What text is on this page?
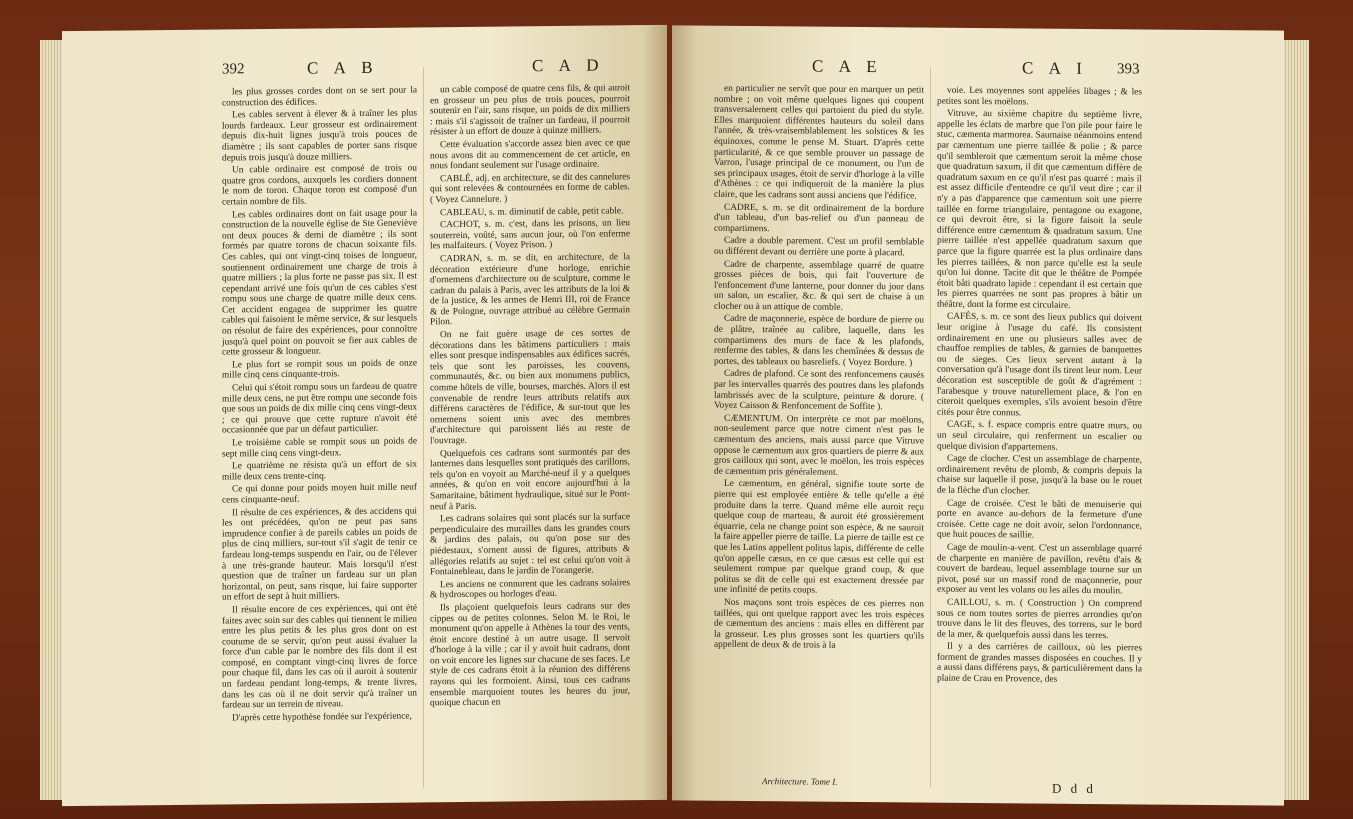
392	C A B	C A D

les plus grosses cordes dont on se sert pour la construction des édifices.

Les cables servent à élever & à traîner les plus lourds fardeaux. Leur grosseur est ordinairement depuis dix-huit lignes jusqu'à trois pouces de diamètre ; ils sont capables de porter sans risque depuis trois jusqu'à douze milliers.

Un cable ordinaire est composé de trois ou quatre gros cordons, auxquels les cordiers donnent le nom de toron. Chaque toron est composé d'un certain nombre de fils.

Les cables ordinaires dont on fait usage pour la construction de la nouvelle église de Ste Geneviève ont deux pouces & demi de diamètre ; ils sont formés par quatre torons de chacun soixante fils. Ces cables, qui ont vingt-cinq toises de longueur, soutiennent ordinairement une charge de trois à quatre milliers ; la plus forte ne passe pas six. Il est cependant arrivé une fois qu'un de ces cables s'est rompu sous une charge de quatre mille deux cens. Cet accident engagea de supprimer les quatre cables qui faisoient le même service, & sur lesquels on résolut de faire des expériences, pour connoître jusqu'à quel point on pouvoit se fier aux cables de cette grosseur & longueur.

Le plus fort se rompit sous un poids de onze mille cinq cens cinquante-trois.

Celui qui s'étoit rompu sous un fardeau de quatre mille deux cens, ne put être rompu une seconde fois que sous un poids de dix mille cinq cens vingt-deux ; ce qui prouve que cette rupture n'avoit été occasionnée que par un défaut particulier.

Le troisième cable se rompit sous un poids de sept mille cinq cens vingt-deux.

Le quatrième ne résista qu'à un effort de six mille deux cens trente-cinq.

Ce qui donne pour poids moyen huit mille neuf cens cinquante-neuf.

Il résulte de ces expériences, & des accidens qui les ont précédées, qu'on ne peut pas sans imprudence confier à de pareils cables un poids de plus de cinq milliers, sur-tout s'il s'agit de tenir ce fardeau long-temps suspendu en l'air, ou de l'élever à une très-grande hauteur. Mais lorsqu'il n'est question que de traîner un fardeau sur un plan horizontal, on peut, sans risque, lui faire supporter un effort de sept à huit milliers.

Il résulte encore de ces expériences, qui ont été faites avec soin sur des cables qui tiennent le milieu entre les plus petits & les plus gros dont on est coutume de se servir, qu'on peut aussi évaluer la force d'un cable par le nombre des fils dont il est composé, en comptant vingt-cinq livres de force pour chaque fil, dans les cas où il auroit à soutenir un fardeau pendant long-temps, & trente livres, dans les cas où il ne doit servir qu'à traîner un fardeau sur un terrein de niveau.

D'après cette hypothèse fondée sur l'expérience,

un cable composé de quatre cens fils, & qui auroit en grosseur un peu plus de trois pouces, pourroit soutenir en l'air, sans risque, un poids de dix milliers : mais s'il s'agissoit de traîner un fardeau, il pourroit résister à un effort de douze à quinze milliers.

Cette évaluation s'accorde assez bien avec ce que nous avons dit au commencement de cet article, en nous fondant seulement sur l'usage ordinaire.

CABLÉ, adj. en architecture, se dit des cannelures qui sont relevées & contournées en forme de cables. ( Voyez Cannelure. )

CABLEAU, s. m. diminutif de cable, petit cable.

CACHOT, s. m. c'est, dans les prisons, un lieu souterrein, voûté, sans aucun jour, où l'on enferme les malfaiteurs. ( Voyez Prison. )

CADRAN, s. m. se dit, en architecture, de la décoration extérieure d'une horloge, enrichie d'ornemens d'architecture ou de sculpture, comme le cadran du palais à Paris, avec les attributs de la loi & de la justice, & les armes de Henri III, roi de France & de Pologne, ouvrage attribué au célèbre Germain Pilon.

On ne fait guère usage de ces sortes de décorations dans les bâtimens particuliers : mais elles sont presque indispensables aux édifices sacrés, tels que sont les paroisses, les couvens, communautés, &c. ou bien aux monumens publics, comme hôtels de ville, bourses, marchés. Alors il est convenable de rendre leurs attributs relatifs aux différens caractères de l'édifice, & sur-tout que les ornemens soient unis avec des membres d'architecture qui paroissent liés au reste de l'ouvrage.

Quelquefois ces cadrans sont surmontés par des lanternes dans lesquelles sont pratiqués des carillons, tels qu'on en voyoit au Marché-neuf il y a quelques années, & qu'on en voit encore aujourd'hui à la Samaritaine, bâtiment hydraulique, situé sur le Pont-neuf à Paris.

Les cadrans solaires qui sont placés sur la surface perpendiculaire des murailles dans les grandes cours & jardins des palais, ou qu'on pose sur des piédestaux, s'ornent aussi de figures, attributs & allégories relatifs au sujet : tel est celui qu'on voit à Fontainebleau, dans le jardin de l'orangerie.

Les anciens ne connurent que les cadrans solaires & hydroscopes ou horloges d'eau.

Ils plaçoient quelquefois leurs cadrans sur des cippes ou de petites colonnes. Selon M. le Roi, le monument qu'on appelle à Athènes la tour des vents, étoit encore destiné à un autre usage. Il servoit d'horloge à la ville ; car il y avoit huit cadrans, dont on voit encore les lignes sur chacune de ses faces. Le style de ces cadrans étoit à la réunion des différens rayons qui les formoient. Ainsi, tous ces cadrans ensemble marquoient toutes les heures du jour, quoique chacun en

C A E	C A I 393

en particulier ne servît que pour en marquer un petit nombre ; on voit même quelques lignes qui coupent transversalement celles qui partoient du pied du style. Elles marquoient différentes hauteurs du soleil dans l'année, & très-vraisemblablement les solstices & les équinoxes, comme le pense M. Stuart. D'après cette particularité, & ce que semble prouver un passage de Varron, l'usage principal de ce monument, ou l'un de ses principaux usages, étoit de servir d'horloge à la ville d'Athènes : ce qui indiqueroit de la manière la plus claire, que les cadrans sont aussi anciens que l'édifice.

CADRE, s. m. se dit ordinairement de la bordure d'un tableau, d'un bas-relief ou d'un panneau de compartimens.

Cadre a double parement. C'est un profil semblable ou différent devant ou derrière une porte à placard.

Cadre de charpente, assemblage quarré de quatre grosses pièces de bois, qui fait l'ouverture de l'enfoncement d'une lanterne, pour donner du jour dans un salon, un escalier, &c. & qui sert de chaise à un clocher ou à un attique de comble.

Cadre de maçonnerie, espèce de bordure de pierre ou de plâtre, traînée au calibre, laquelle, dans les compartimens des murs de face & les plafonds, renferme des tables, & dans les chemînées & dessus de portes, des tableaux ou basreliefs. ( Voyez Bordure. )

Cadres de plafond. Ce sont des renfoncemens causés par les intervalles quarrés des poutres dans les plafonds lambrissés avec de la sculpture, peinture & dorure. ( Voyez Caisson & Renfoncement de Soffite ).

CÆMENTUM. On interprète ce mot par moëlons, non-seulement parce que notre ciment n'est pas le cæmentum des anciens, mais aussi parce que Vitruve oppose le cæmentum aux gros quartiers de pierre & aux gros cailloux qui sont, avec le moëlon, les trois espèces de cæmentum pris généralement.

Le cæmentum, en général, signifie toute sorte de pierre qui est employée entière & telle qu'elle a été produite dans la terre. Quand même elle auroit reçu quelque coup de marteau, & auroit été grossièrement équarrie, cela ne change point son espèce, & ne sauroit la faire appeller pierre de taille. La pierre de taille est ce que les Latins appellent politus lapis, différente de celle qu'on appelle cæsus, en ce que cæsus est celle qui est seulement rompue par quelque grand coup, & que politus se dit de celle qui est exactement dressée par une infinité de petits coups.

Nos maçons sont trois espèces de ces pierres non taillées, qui ont quelque rapport avec les trois espèces de cæmentum des anciens : mais elles en diffèrent par la grosseur. Les plus grosses sont les quartiers qu'ils appellent de deux & de trois à la

Architecture. Tome I.

voie. Les moyennes sont appelées libages ; & les petites sont les moëlons.

Vitruve, au sixième chapitre du septième livre, appelle les éclats de marbre que l'on pile pour faire le stuc, cæmenta marmorea. Saumaise néanmoins entend par cæmentum une pierre taillée & polie ; & parce qu'il sembleroit que cæmentum seroit la même chose que quadratum saxum, il dit que cæmentum diffère de quadratum saxum en ce qu'il n'est pas quarré : mais il est assez difficile d'entendre ce qu'il veut dire ; car il n'y a pas d'apparence que cæmentum soit une pierre taillée en forme triangulaire, pentagone ou exagone, ce qui devroit être, si la figure faisoit la seule différence entre cæmentum & quadratum saxum. Une pierre taillée n'est appellée quadratum saxum que parce que la figure quarrée est la plus ordinaire dans les pierres taillées, & non parce qu'elle est la seule qu'on lui donne. Tacite dit que le théâtre de Pompée étoit bâti quadrato lapide : cependant il est certain que les pierres quarrées ne sont pas propres à bâtir un théâtre, dont la forme est circulaire.

CAFÉS, s. m. ce sont des lieux publics qui doivent leur origine à l'usage du café. Ils consistent ordinairement en une ou plusieurs salles avec de chauffoe remplies de tables, & garnies de banquettes ou de sieges. Ces lieux servent autant à la conversation qu'à l'usage dont ils tirent leur nom. Leur décoration est susceptible de goût & d'agrément : l'arabesque y trouve naturellement place, & l'on en citeroit quelques exemples, s'ils avoient besoin d'être cités pour être connus.

CAGE, s. f. espace compris entre quatre murs, ou un seul circulaire, qui renferment un escalier ou quelque division d'appartemens.

Cage de clocher. C'est un assemblage de charpente, ordinairement revêtu de plomb, & compris depuis la chaise sur laquelle il pose, jusqu'à la base ou le rouet de la flèche d'un clocher.

Cage de croisée. C'est le bâti de menuiserie qui porte en avance au-dehors de la fermeture d'une croisée. Cette cage ne doit avoir, selon l'ordonnance, que huit pouces de saillie.

Cage de moulin-a-vent. C'est un assemblage quarré de charpente en manière de pavillon, revêtu d'ais & couvert de bardeau, lequel assemblage tourne sur un pivot, posé sur un massif rond de maçonnerie, pour exposer au vent les volans ou les ailes du moulin.

CAILLOU, s. m. ( Construction ) On comprend sous ce nom toutes sortes de pierres arrondies qu'on trouve dans le lit des fleuves, des torrens, sur le bord de la mer, & quelquefois aussi dans les terres.

Il y a des carrières de cailloux, où les pierres forment de grandes masses disposées en couches. Il y a aussi dans différens pays, & particulièrement dans la plaine de Crau en Provence, des

D d d
